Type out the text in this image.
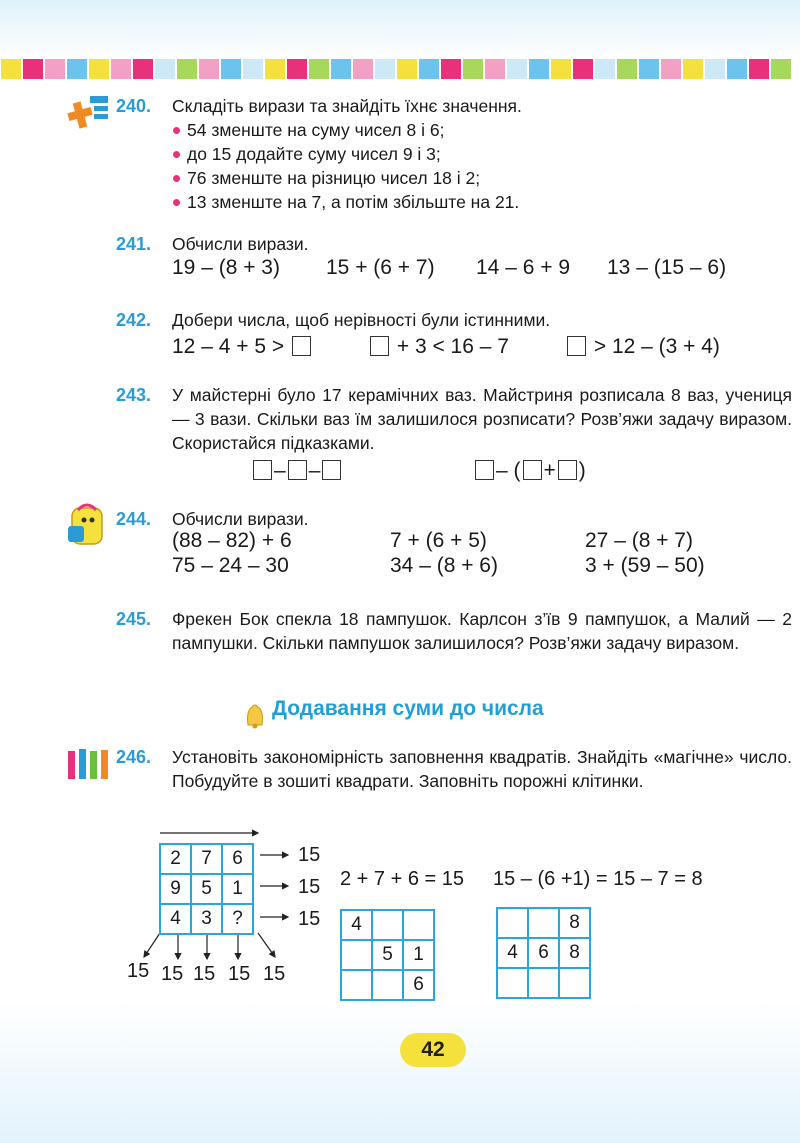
240. Складіть вирази та знайдіть їхнє значення.
54 зменште на суму чисел 8 і 6;
до 15 додайте суму чисел 9 і 3;
76 зменште на різницю чисел 18 і 2;
13 зменште на 7, а потім збільште на 21.
241. Обчисли вирази.
19 – (8 + 3) 15 + (6 + 7) 14 – 6 + 9 13 – (15 – 6)
242. Добери числа, щоб нерівності були істинними.
12 – 4 + 5 >	+ 3 < 16 – 7	> 12 – (3 + 4)
243. У майстерні було 17 керамічних ваз. Майстриня розписала 8 ваз, учениця — 3 вази. Скільки ваз їм залишилося розписати? Розв’яжи задачу виразом. Скористайся підказками.
– –	– ( + )
244. Обчисли вирази.
(88 – 82) + 6	7 + (6 + 5)	27 – (8 + 7)
75 – 24 – 30	34 – (8 + 6)	3 + (59 – 50)
245. Фрекен Бок спекла 18 пампушок. Карлсон з’їв 9 пампушок, а Малий — 2 пампушки. Скільки пампушок залишилося? Розв’яжи задачу виразом.
Додавання суми до числа
246. Установіть закономірність заповнення квадратів. Знайдіть «магічне» число. Побудуйте в зошиті квадрати. Заповніть порожні клітинки.
2	7	6
9	5	1
4	3	?
15
15
15
15 15 15 15 15
2 + 7 + 6 = 15 15 – (6 +1) = 15 – 7 = 8
4		
	5	1
		6
		8
4	6	8

42
